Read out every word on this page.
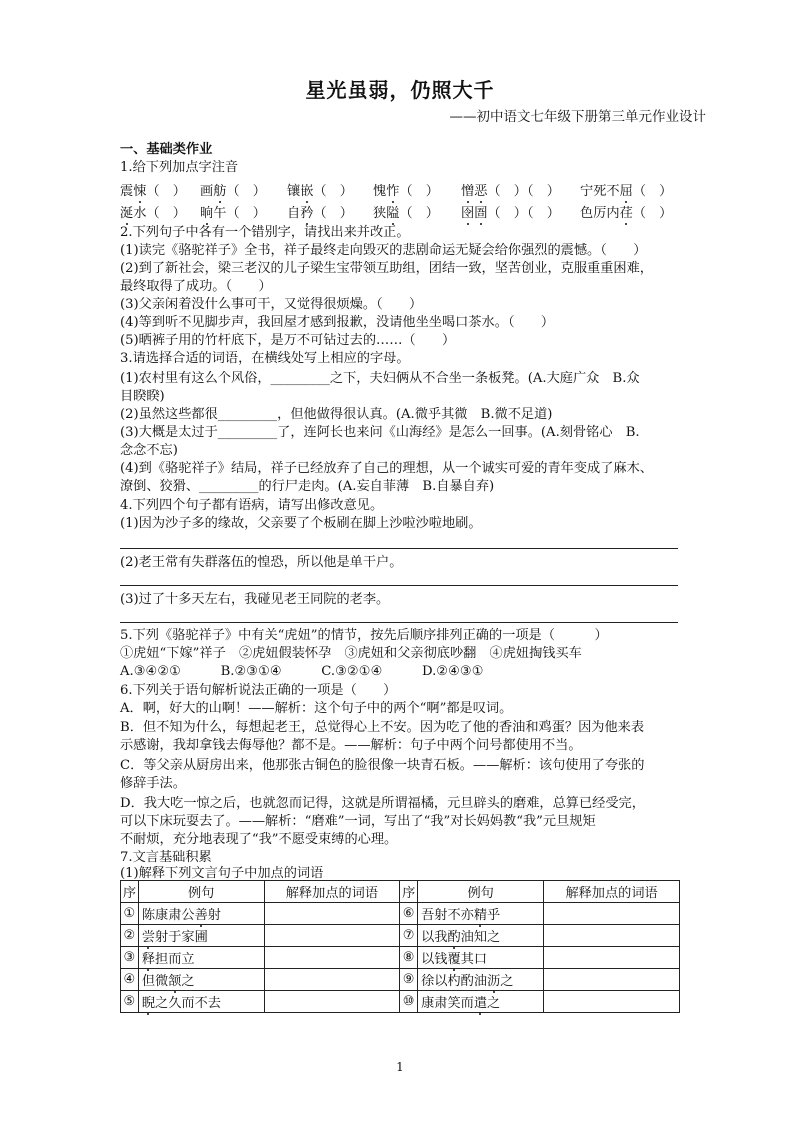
星光虽弱，仍照大千
——初中语文七年级下册第三单元作业设计
一、基础类作业
1.给下列加点字注音
震悚（　 ）	画舫（　 ）	镶嵌（　 ）	愧怍（　 ）	憎恶（　 ）（　 ）	宁死不屈（　 ）
涎水（　 ）	晌午（　 ）	自矜（　 ）	狭隘（　 ）	囹圄（　 ）（　 ）	色厉内荏（　 ）
2.下列句子中各有一个错别字，请找出来并改正。
(1)读完《骆驼祥子》全书，祥子最终走向毁灭的悲剧命运无疑会给你强烈的震憾。（　　）
(2)到了新社会，梁三老汉的儿子梁生宝带领互助组，团结一致，坚苦创业，克服重重困难，
最终取得了成功。（　　）
(3)父亲闲着没什么事可干，又觉得很烦燥。（　　）
(4)等到听不见脚步声，我回屋才感到报歉，没请他坐坐喝口茶水。（　　）
(5)晒裤子用的竹杆底下，是万不可钻过去的……（　　）
3.请选择合适的词语，在横线处写上相应的字母。
(1)农村里有这么个风俗，_________之下，夫妇俩从不合坐一条板凳。(A.大庭广众　B.众
目睽睽)
(2)虽然这些都很_________，但他做得很认真。(A.微乎其微　B.微不足道)
(3)大概是太过于_________了，连阿长也来问《山海经》是怎么一回事。(A.刻骨铭心　B.
念念不忘)
(4)到《骆驼祥子》结局，祥子已经放弃了自己的理想，从一个诚实可爱的青年变成了麻木、
潦倒、狡猾、_________的行尸走肉。(A.妄自菲薄　B.自暴自弃)
4.下列四个句子都有语病，请写出修改意见。
(1)因为沙子多的缘故，父亲要了个板刷在脚上沙啦沙啦地刷。
(2)老王常有失群落伍的惶恐，所以他是单干户。
(3)过了十多天左右，我碰见老王同院的老李。
5.下列《骆驼祥子》中有关“虎妞”的情节，按先后顺序排列正确的一项是（　　　）
①虎妞“下嫁”祥子　②虎妞假装怀孕　③虎妞和父亲彻底吵翻　④虎妞掏钱买车
A.③④②①　　　B.②③①④　　　C.③②①④　　　D.②④③①
6.下列关于语句解析说法正确的一项是（　　）
A．啊，好大的山啊！——解析：这个句子中的两个“啊”都是叹词。
B．但不知为什么，每想起老王，总觉得心上不安。因为吃了他的香油和鸡蛋？因为他来表
示感谢，我却拿钱去侮辱他？都不是。——解析：句子中两个问号都使用不当。
C．等父亲从厨房出来，他那张古铜色的脸很像一块青石板。——解析：该句使用了夸张的
修辞手法。
D．我大吃一惊之后，也就忽而记得，这就是所谓福橘，元旦辟头的磨难，总算已经受完，
可以下床玩耍去了。——解析：“磨难”一词，写出了“我”对长妈妈教“我”元旦规矩
不耐烦，充分地表现了“我”不愿受束缚的心理。
7.文言基础积累
(1)解释下列文言句子中加点的词语
序	例句	解释加点的词语	序	例句	解释加点的词语
①	陈康肃公善射		⑥	吾射不亦精乎	
②	尝射于家圃		⑦	以我酌油知之	
③	释担而立		⑧	以钱覆其口	
④	但微颔之		⑨	徐以杓酌油沥之	
⑤	睨之久而不去		⑩	康肃笑而遣之	
1
